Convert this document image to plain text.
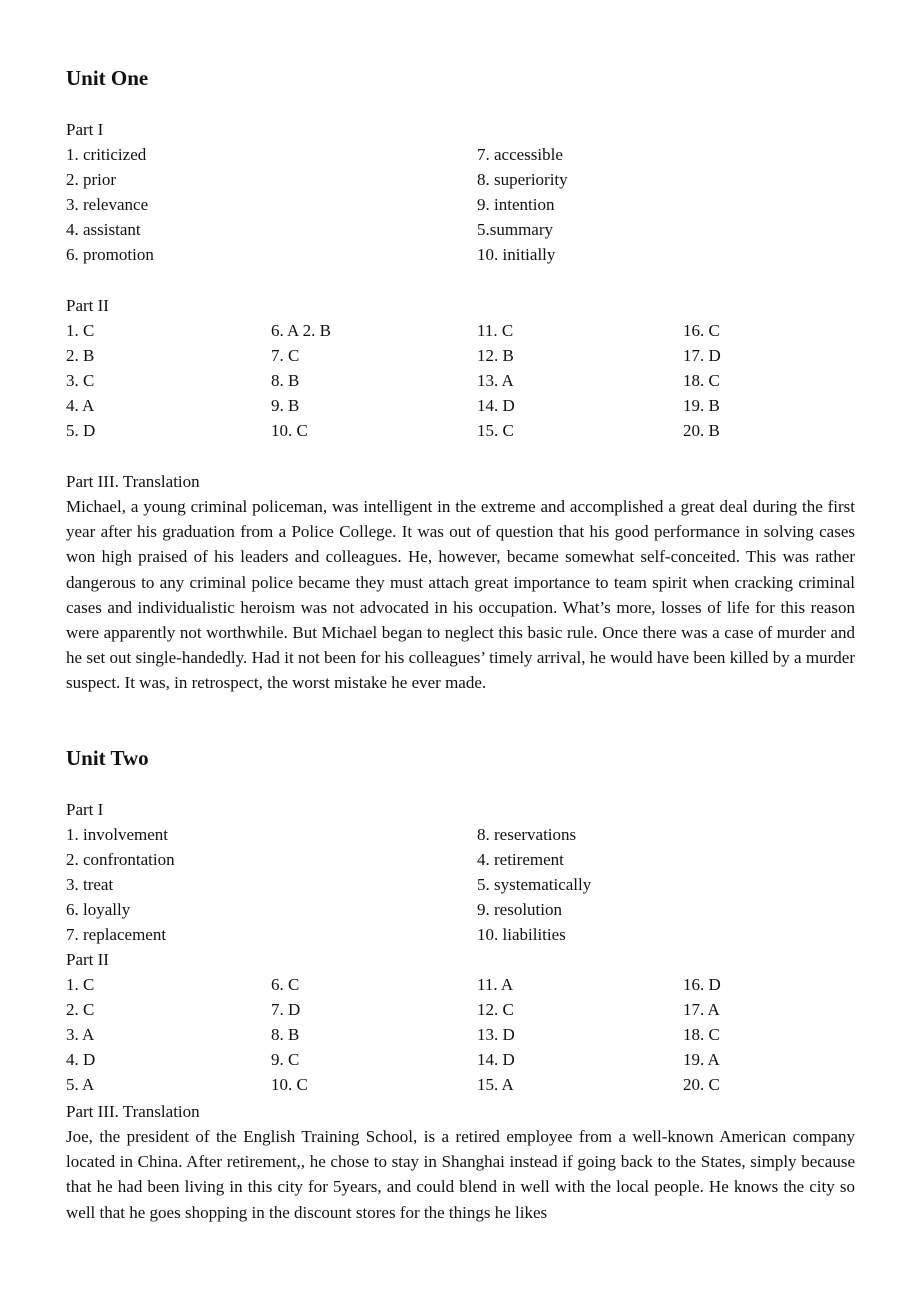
Unit One
Part I
1. criticized	7. accessible
2. prior	8. superiority
3. relevance	9. intention
4. assistant	5.summary
6. promotion	10. initially
Part II
1. C	6. A 2. B	11. C	16. C
2. B	7. C	12. B	17. D
3. C	8. B	13. A	18. C
4. A	9. B	14. D	19. B
5. D	10. C	15. C	20. B
Part III. Translation

Michael, a young criminal policeman, was intelligent in the extreme and accomplished a great deal during the first year after his graduation from a Police College. It was out of question that his good performance in solving cases won high praised of his leaders and colleagues. He, however, became somewhat self-conceited. This was rather dangerous to any criminal police became they must attach great importance to team spirit when cracking criminal cases and individualistic heroism was not advocated in his occupation. What’s more, losses of life for this reason were apparently not worthwhile. But Michael began to neglect this basic rule. Once there was a case of murder and he set out single-handedly. Had it not been for his colleagues’ timely arrival, he would have been killed by a murder suspect. It was, in retrospect, the worst mistake he ever made.

Unit Two
Part I
1. involvement	8. reservations
2. confrontation	4. retirement
3. treat	5. systematically
6. loyally	9. resolution
7. replacement	10. liabilities
Part II
1. C	6. C	11. A	16. D
2. C	7. D	12. C	17. A
3. A	8. B	13. D	18. C
4. D	9. C	14. D	19. A
5. A	10. C	15. A	20. C
Part III. Translation

Joe, the president of the English Training School, is a retired employee from a well-known American company located in China. After retirement,, he chose to stay in Shanghai instead if going back to the States, simply because that he had been living in this city for 5years, and could blend in well with the local people. He knows the city so well that he goes shopping in the discount stores for the things he likes
